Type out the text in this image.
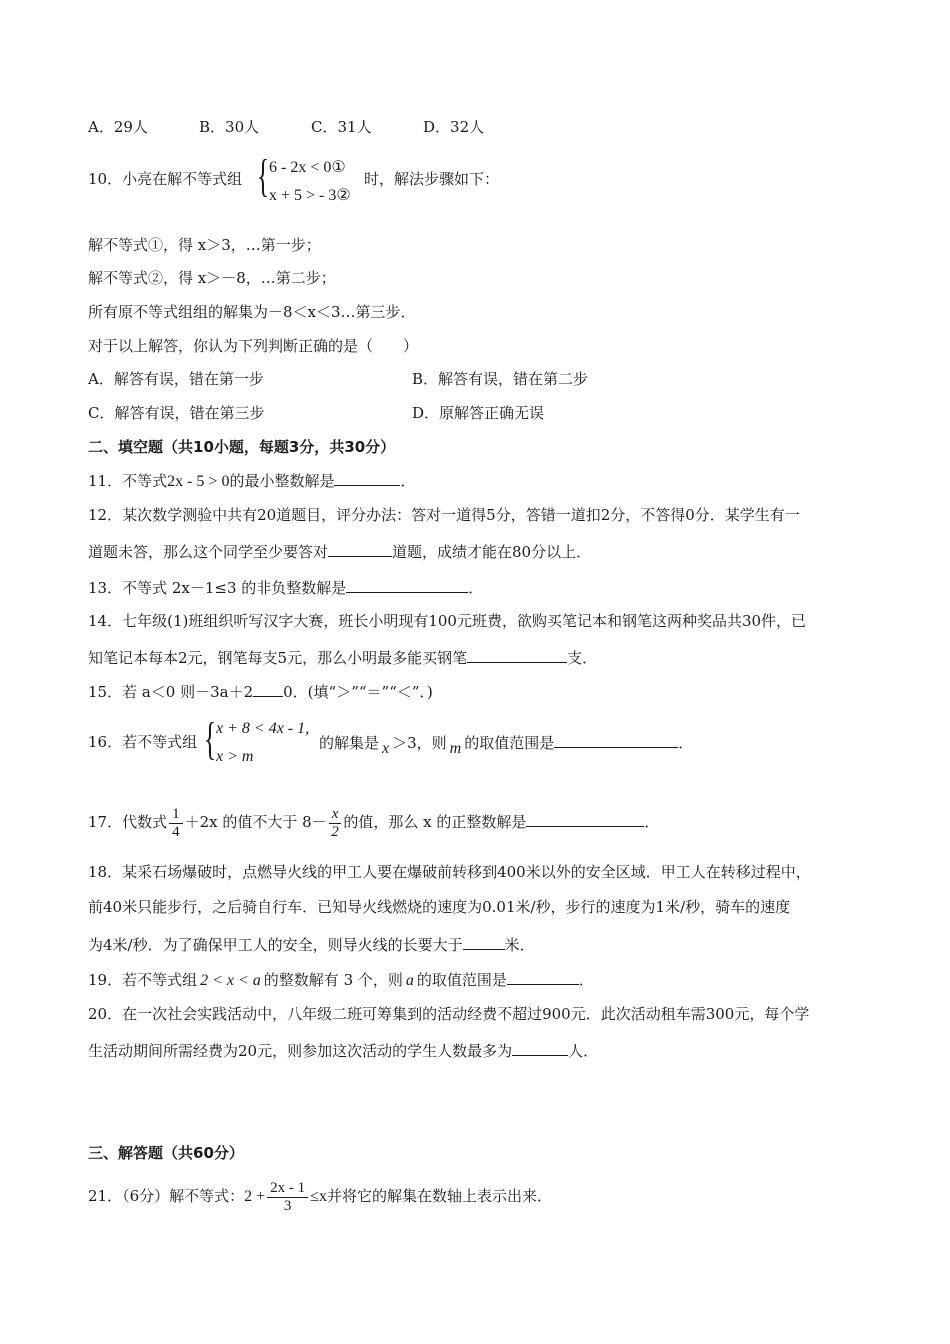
A．29人	B．30人	C．31人	D．32人
10．小亮在解不等式组 { 6 - 2x < 0①
x + 5 > - 3②
时，解法步骤如下：
解不等式①，得 x＞3，…第一步；
解不等式②，得 x＞－8，…第二步；
所有原不等式组组的解集为－8＜x＜3…第三步．
对于以上解答，你认为下列判断正确的是（　　）
A．解答有误，错在第一步	B．解答有误，错在第二步
C．解答有误，错在第三步	D．原解答正确无误
二、填空题（共10小题，每题3分，共30分）
11．不等式2x - 5 > 0的最小整数解是	．
12．某次数学测验中共有20道题目，评分办法：答对一道得5分，答错一道扣2分，不答得0分．某学生有一
道题未答，那么这个同学至少要答对	道题，成绩才能在80分以上．
13．不等式 2x－1≤3 的非负整数解是	．
14．七年级(1)班组织听写汉字大赛，班长小明现有100元班费，欲购买笔记本和钢笔这两种奖品共30件，已
知笔记本每本2元，钢笔每支5元，那么小明最多能买钢笔	支．
15．若 a＜0 则－3a＋2 0．(填“＞”“＝”“＜”．)
16．若不等式组 { x + 8 < 4x - 1,
x > m
的解集是 x ＞3，则 m 的取值范围是	．
17．代数式 $\frac{1}{4} +2x$ 的值不大于 $8- \frac{x}{2}$ 的值，那么 x 的正整数解是	．
18．某采石场爆破时，点燃导火线的甲工人要在爆破前转移到400米以外的安全区域．甲工人在转移过程中，
前40米只能步行，之后骑自行车．已知导火线燃烧的速度为0.01米/秒，步行的速度为1米/秒，骑车的速度
为4米/秒．为了确保甲工人的安全，则导火线的长要大于	米．
19．若不等式组 2 < x < a 的整数解有 3 个，则 a 的取值范围是	．
20．在一次社会实践活动中，八年级二班可筹集到的活动经费不超过900元．此次活动租车需300元，每个学
生活动期间所需经费为20元，则参加这次活动的学生人数最多为	人．
三、解答题（共60分）
21．（6分）解不等式：$2 + \frac{2x - 1}{3} \le x$并将它的解集在数轴上表示出来．
